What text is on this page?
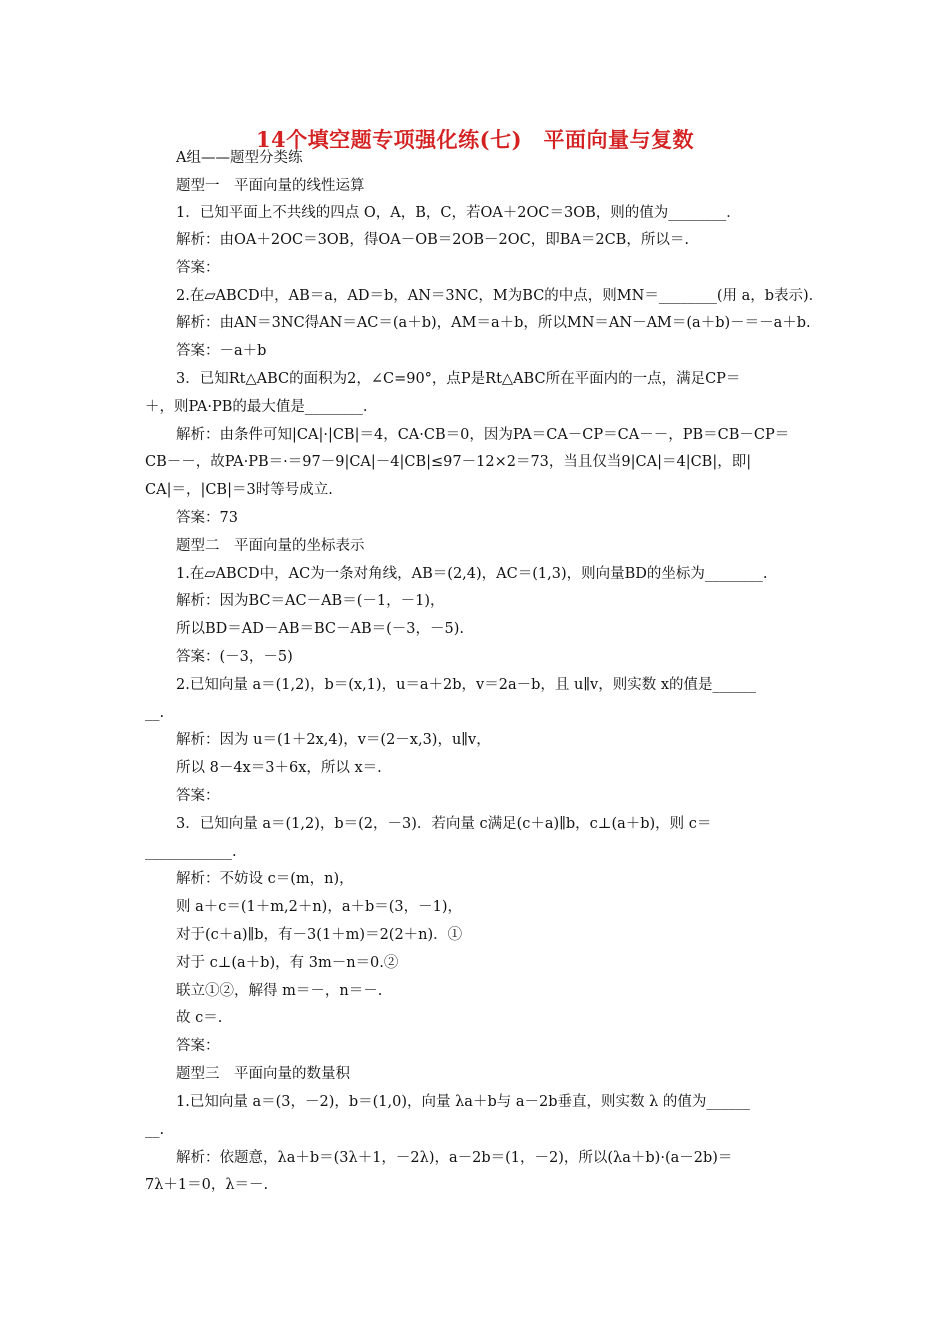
14个填空题专项强化练(七)　平面向量与复数
A组——题型分类练
题型一　平面向量的线性运算
1．已知平面上不共线的四点 O，A，B，C，若OA＋2OC＝3OB，则的值为________．
解析：由OA＋2OC＝3OB，得OA－OB＝2OB－2OC，即BA＝2CB，所以＝.
答案：
2.在▱ABCD中，AB＝a，AD＝b，AN＝3NC，M为BC的中点，则MN＝________(用 a，b表示)．
解析：由AN＝3NC得AN＝AC＝(a＋b)，AM＝a＋b，所以MN＝AN－AM＝(a＋b)－＝－a＋b.
答案：－a＋b
3．已知Rt△ABC的面积为2，∠C=90°，点P是Rt△ABC所在平面内的一点，满足CP＝
＋，则PA·PB的最大值是________.
解析：由条件可知|CA|·|CB|＝4，CA·CB＝0，因为PA＝CA－CP＝CA－－，PB＝CB－CP＝
CB－－，故PA·PB＝·＝97－9|CA|－4|CB|≤97－12×2＝73，当且仅当9|CA|＝4|CB|，即|
CA|＝，|CB|＝3时等号成立.
答案：73
题型二　平面向量的坐标表示
1.在▱ABCD中，AC为一条对角线，AB＝(2,4)，AC＝(1,3)，则向量BD的坐标为________.
解析：因为BC＝AC－AB＝(－1，－1)，
所以BD＝AD－AB＝BC－AB＝(－3，－5).
答案：(－3，－5)
2.已知向量 a＝(1,2)，b＝(x,1)，u＝a＋2b，v＝2a－b，且 u∥v，则实数 x的值是______
__.
解析：因为 u＝(1＋2x,4)，v＝(2－x,3)，u∥v，
所以 8－4x＝3＋6x，所以 x＝.
答案：
3．已知向量 a＝(1,2)，b＝(2，－3)．若向量 c满足(c＋a)∥b，c⊥(a＋b)，则 c＝
____________.
解析：不妨设 c＝(m，n)，
则 a＋c＝(1＋m,2＋n)，a＋b＝(3，－1)，
对于(c＋a)∥b，有－3(1＋m)＝2(2＋n)．①
对于 c⊥(a＋b)，有 3m－n＝0.②
联立①②，解得 m＝－，n＝－.
故 c＝.
答案：
题型三　平面向量的数量积
1.已知向量 a＝(3，－2)，b＝(1,0)，向量 λa＋b与 a－2b垂直，则实数 λ 的值为______
__.
解析：依题意，λa＋b＝(3λ＋1，－2λ)，a－2b＝(1，－2)，所以(λa＋b)·(a－2b)＝
7λ＋1＝0，λ＝－.
